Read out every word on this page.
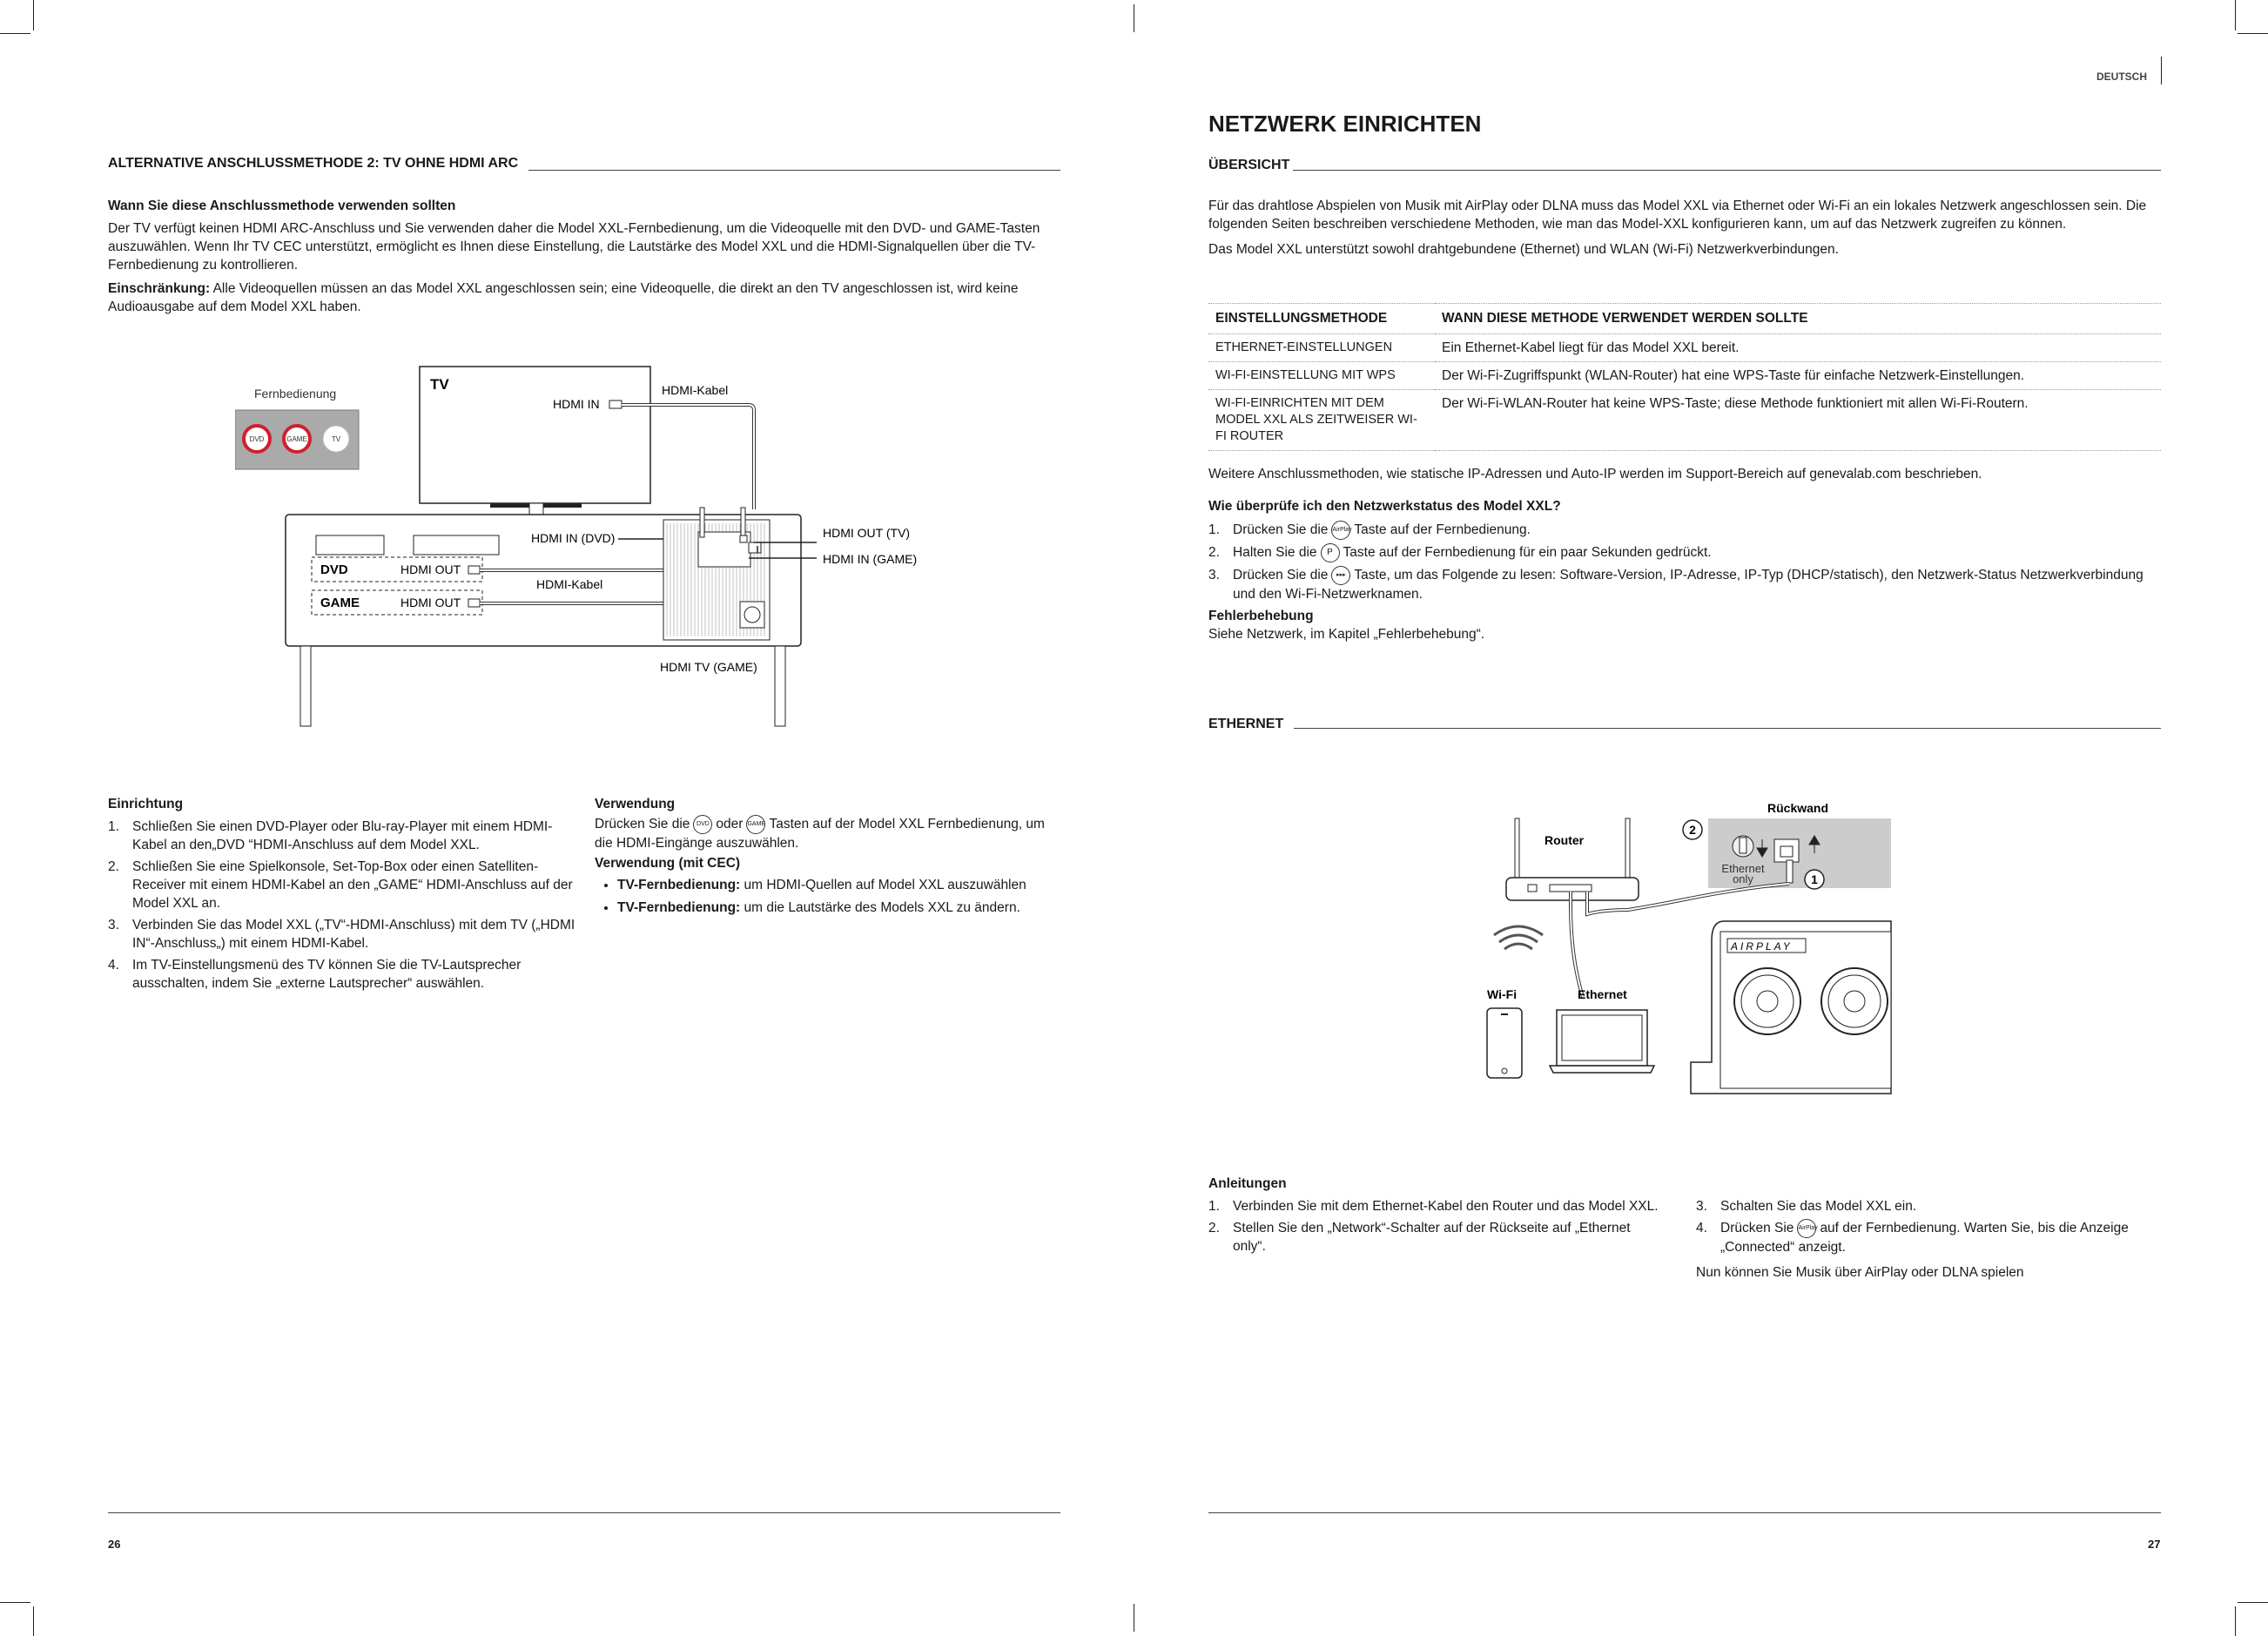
ALTERNATIVE ANSCHLUSSMETHODE 2: TV OHNE HDMI ARC

Wann Sie diese Anschlussmethode verwenden sollten

Der TV verfügt keinen HDMI ARC-Anschluss und Sie verwenden daher die Model XXL-Fernbedienung, um die Videoquelle mit den DVD- und GAME-Tasten auszuwählen. Wenn Ihr TV CEC unterstützt, ermöglicht es Ihnen diese Einstellung, die Lautstärke des Model XXL und die HDMI-Signalquellen über die TV-Fernbedienung zu kontrollieren.

Einschränkung: Alle Videoquellen müssen an das Model XXL angeschlossen sein; eine Videoquelle, die direkt an den TV angeschlossen ist, wird keine Audioausgabe auf dem Model XXL haben.

Fernbedienung
DVD	GAME	TV
TV
HDMI IN
HDMI-Kabel
DVD	HDMI OUT
GAME	HDMI OUT
HDMI IN (DVD)
HDMI-Kabel
HDMI OUT (TV)
HDMI IN (GAME)
HDMI TV (GAME)

Einrichtung

1. Schließen Sie einen DVD-Player oder Blu-ray-Player mit einem HDMI-Kabel an den„DVD “HDMI-Anschluss auf dem Model XXL.
2. Schließen Sie eine Spielkonsole, Set-Top-Box oder einen Satelliten-Receiver mit einem HDMI-Kabel an den „GAME“ HDMI-Anschluss auf der Model XXL an.
3. Verbinden Sie das Model XXL („TV“-HDMI-Anschluss) mit dem TV („HDMI IN“-Anschluss„) mit einem HDMI-Kabel.
4. Im TV-Einstellungsmenü des TV können Sie die TV-Lautsprecher ausschalten, indem Sie „externe Lautsprecher“ auswählen.

Verwendung

Drücken Sie die DVD oder GAME Tasten auf der Model XXL Fernbedienung, um die HDMI-Eingänge auszuwählen.

Verwendung (mit CEC)

• TV-Fernbedienung: um HDMI-Quellen auf Model XXL auszuwählen
• TV-Fernbedienung: um die Lautstärke des Models XXL zu ändern.
26
DEUTSCH
NETZWERK EINRICHTEN
ÜBERSICHT

Für das drahtlose Abspielen von Musik mit AirPlay oder DLNA muss das Model XXL via Ethernet oder Wi-Fi an ein lokales Netzwerk angeschlossen sein. Die folgenden Seiten beschreiben verschiedene Methoden, wie man das Model-XXL konfigurieren kann, um auf das Netzwerk zugreifen zu können.

Das Model XXL unterstützt sowohl drahtgebundene (Ethernet) und WLAN (Wi-Fi) Netzwerkverbindungen.

EINSTELLUNGSMETHODE	WANN DIESE METHODE VERWENDET WERDEN SOLLTE
ETHERNET-EINSTELLUNGEN	Ein Ethernet-Kabel liegt für das Model XXL bereit.
WI-FI-EINSTELLUNG MIT WPS	Der Wi-Fi-Zugriffspunkt (WLAN-Router) hat eine WPS-Taste für einfache Netzwerk-Einstellungen.
WI-FI-EINRICHTEN MIT DEM MODEL XXL ALS ZEITWEISER WI-FI ROUTER	Der Wi-Fi-WLAN-Router hat keine WPS-Taste; diese Methode funktioniert mit allen Wi-Fi-Routern.

Weitere Anschlussmethoden, wie statische IP-Adressen und Auto-IP werden im Support-Bereich auf genevalab.com beschrieben.

Wie überprüfe ich den Netzwerkstatus des Model XXL?

1. Drücken Sie die AirPlay Taste auf der Fernbedienung.
2. Halten Sie die P Taste auf der Fernbedienung für ein paar Sekunden gedrückt.
3. Drücken Sie die ▸▸▸ Taste, um das Folgende zu lesen: Software-Version, IP-Adresse, IP-Typ (DHCP/statisch), den Netzwerk-Status Netzwerkverbindung und den Wi-Fi-Netzwerknamen.

Fehlerbehebung

Siehe Netzwerk, im Kapitel „Fehlerbehebung“.

ETHERNET
Rückwand
2
Ethernet
only	1
Router
Wi-Fi	Ethernet
AIRPLAY

Anleitungen

1. Verbinden Sie mit dem Ethernet-Kabel den Router und das Model XXL.
2. Stellen Sie den „Network“-Schalter auf der Rückseite auf „Ethernet only“.
3. Schalten Sie das Model XXL ein.
4. Drücken Sie AirPlay auf der Fernbedienung. Warten Sie, bis die Anzeige „Connected“ anzeigt.

Nun können Sie Musik über AirPlay oder DLNA spielen

27
